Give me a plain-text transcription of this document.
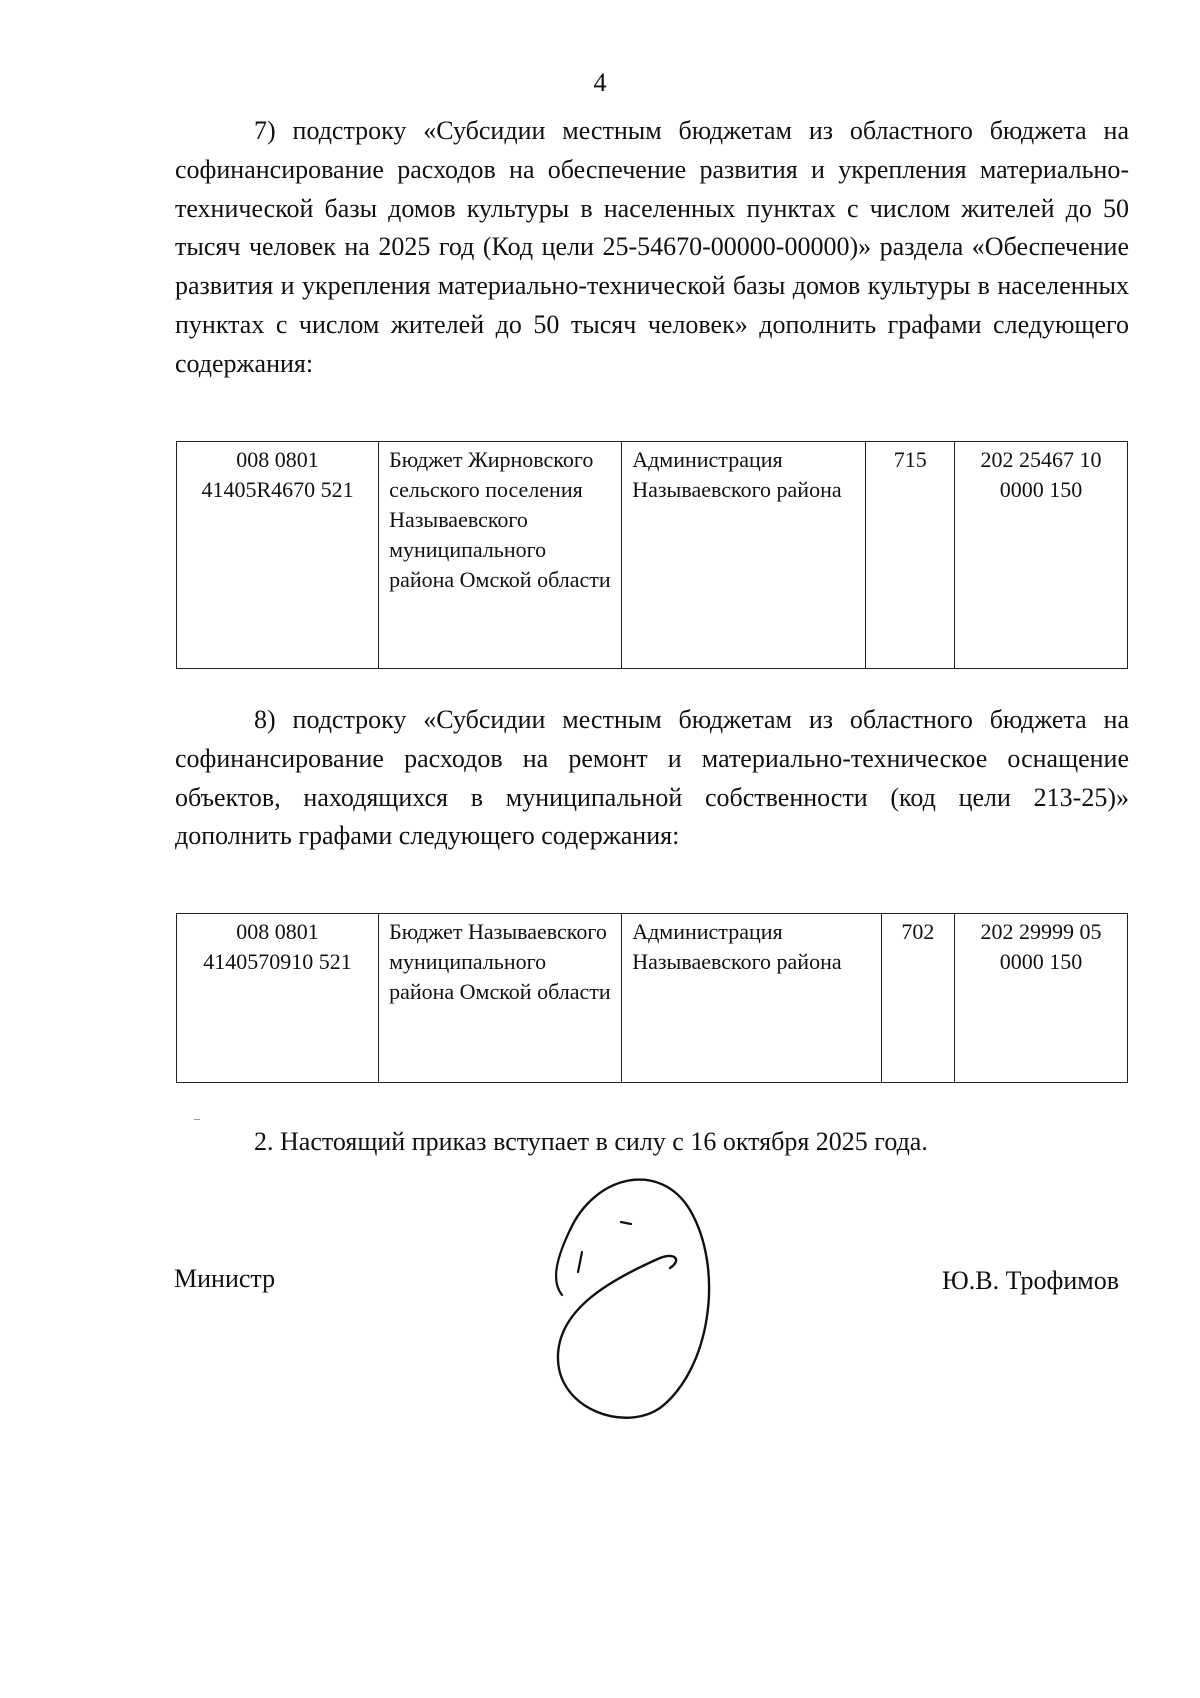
4

7) подстроку «Субсидии местным бюджетам из областного бюджета на софинансирование расходов на обеспечение развития и укрепления материально-технической базы домов культуры в населенных пунктах с числом жителей до 50 тысяч человек на 2025 год (Код цели 25-54670-00000-00000)» раздела «Обеспечение развития и укрепления материально-технической базы домов культуры в населенных пунктах с числом жителей до 50 тысяч человек» дополнить графами следующего содержания:

008 0801 41405R4670 521	Бюджет Жирновского сельского поселения Называевского муниципального района Омской области	Администрация Называевского района	715	202 25467 10 0000 150

8) подстроку «Субсидии местным бюджетам из областного бюджета на софинансирование расходов на ремонт и материально-техническое оснащение объектов, находящихся в муниципальной собственности (код цели 213-25)» дополнить графами следующего содержания:

008 0801 4140570910 521	Бюджет Называевского муниципального района Омской области	Администрация Называевского района	702	202 29999 05 0000 150

2. Настоящий приказ вступает в силу с 16 октября 2025 года.

Министр	Ю.В. Трофимов
